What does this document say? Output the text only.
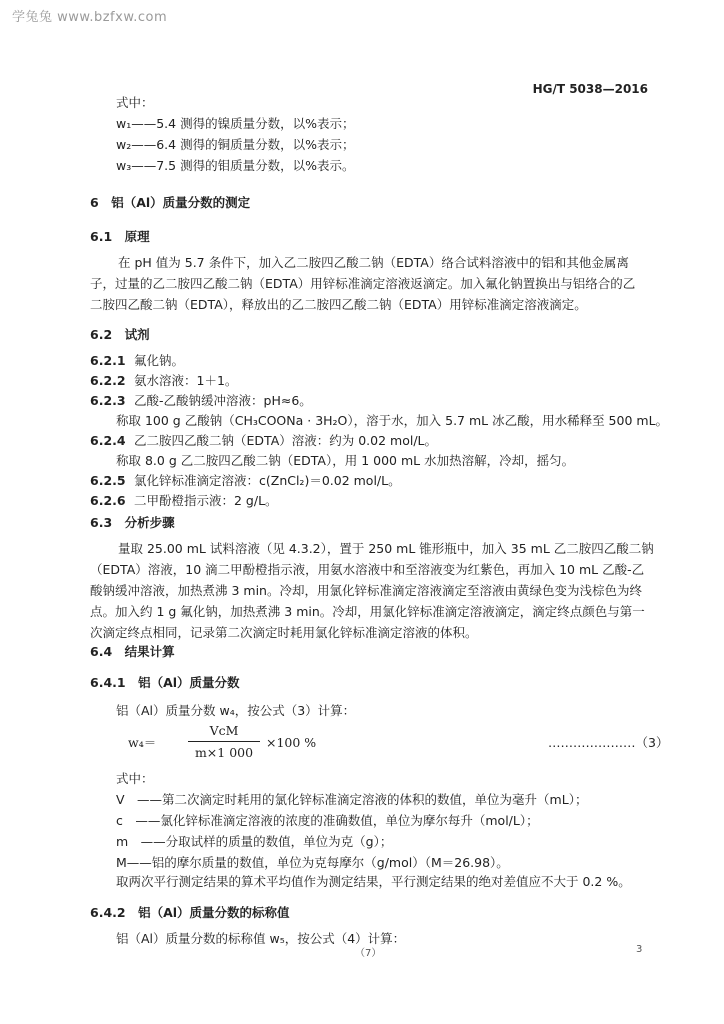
学兔兔 www.bzfxw.com
HG/T 5038—2016
式中：
w₁——5.4 测得的镍质量分数，以%表示；
w₂——6.4 测得的铜质量分数，以%表示；
w₃——7.5 测得的钼质量分数，以%表示。
6　铝（Al）质量分数的测定
6.1　原理
在 pH 值为 5.7 条件下，加入乙二胺四乙酸二钠（EDTA）络合试料溶液中的铝和其他金属离
子，过量的乙二胺四乙酸二钠（EDTA）用锌标准滴定溶液返滴定。加入氟化钠置换出与铝络合的乙
二胺四乙酸二钠（EDTA），释放出的乙二胺四乙酸二钠（EDTA）用锌标准滴定溶液滴定。
6.2　试剂
6.2.1 氟化钠。
6.2.2 氨水溶液：1＋1。
6.2.3 乙酸-乙酸钠缓冲溶液：pH≈6。
称取 100 g 乙酸钠（CH₃COONa · 3H₂O），溶于水，加入 5.7 mL 冰乙酸，用水稀释至 500 mL。
6.2.4 乙二胺四乙酸二钠（EDTA）溶液：约为 0.02 mol/L。
称取 8.0 g 乙二胺四乙酸二钠（EDTA），用 1 000 mL 水加热溶解，冷却，摇匀。
6.2.5 氯化锌标准滴定溶液：c(ZnCl₂)＝0.02 mol/L。
6.2.6 二甲酚橙指示液：2 g/L。
6.3　分析步骤
量取 25.00 mL 试料溶液（见 4.3.2），置于 250 mL 锥形瓶中，加入 35 mL 乙二胺四乙酸二钠
（EDTA）溶液，10 滴二甲酚橙指示液，用氨水溶液中和至溶液变为红紫色，再加入 10 mL 乙酸-乙
酸钠缓冲溶液，加热煮沸 3 min。冷却，用氯化锌标准滴定溶液滴定至溶液由黄绿色变为浅棕色为终
点。加入约 1 g 氟化钠，加热煮沸 3 min。冷却，用氯化锌标准滴定溶液滴定，滴定终点颜色与第一
次滴定终点相同，记录第二次滴定时耗用氯化锌标准滴定溶液的体积。
6.4　结果计算
6.4.1　铝（Al）质量分数
铝（Al）质量分数 w₄，按公式（3）计算：
w₄＝
VcM
m×1 000
×100 %	…………………（3）
式中：
V　——第二次滴定时耗用的氯化锌标准滴定溶液的体积的数值，单位为毫升（mL）；
c　——氯化锌标准滴定溶液的浓度的准确数值，单位为摩尔每升（mol/L）；
m　——分取试样的质量的数值，单位为克（g）；
M——铝的摩尔质量的数值，单位为克每摩尔（g/mol）（M＝26.98）。
取两次平行测定结果的算术平均值作为测定结果，平行测定结果的绝对差值应不大于 0.2 %。
6.4.2　铝（Al）质量分数的标称值
铝（Al）质量分数的标称值 w₅，按公式（4）计算：
（7）	3
